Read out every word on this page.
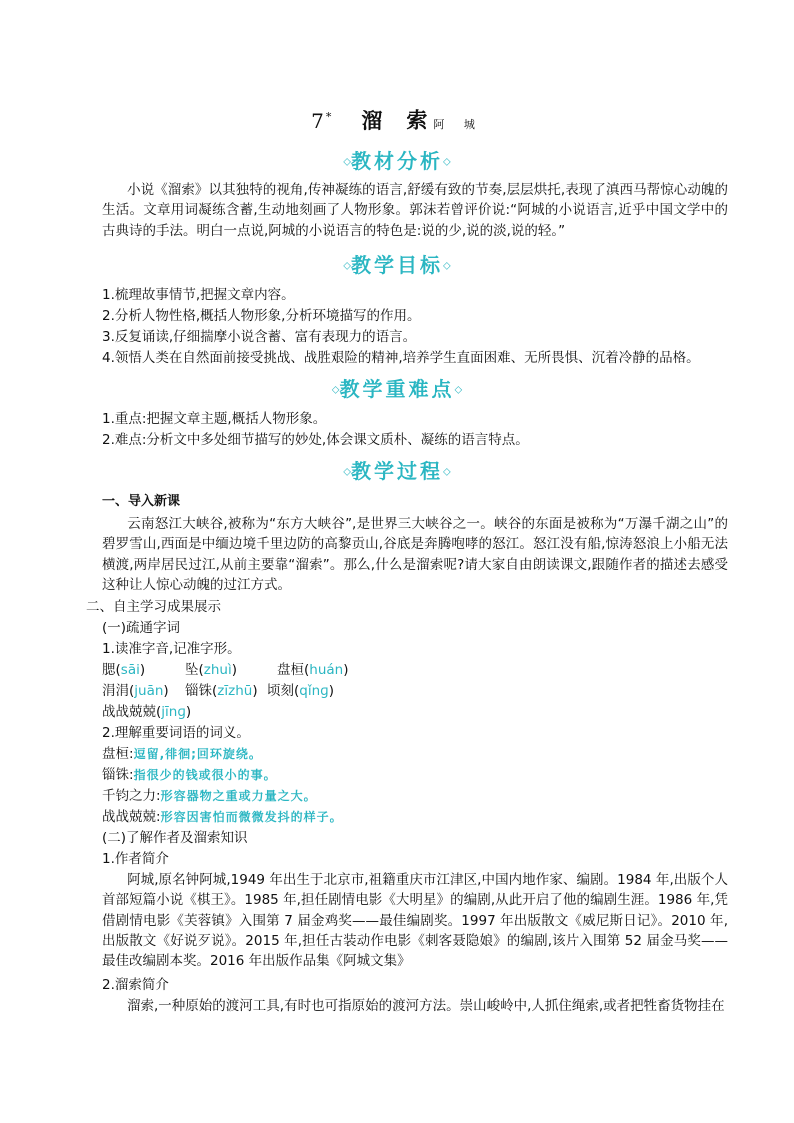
7* 溜 索 阿 城
◇教材分析◇
小说《溜索》以其独特的视角,传神凝练的语言,舒缓有致的节奏,层层烘托,表现了滇西马帮惊心动魄的生活。文章用词凝练含蓄,生动地刻画了人物形象。郭沫若曾评价说:“阿城的小说语言,近乎中国文学中的古典诗的手法。明白一点说,阿城的小说语言的特色是:说的少,说的淡,说的轻。”
◇教学目标◇
1.梳理故事情节,把握文章内容。
2.分析人物性格,概括人物形象,分析环境描写的作用。
3.反复诵读,仔细揣摩小说含蓄、富有表现力的语言。
4.领悟人类在自然面前接受挑战、战胜艰险的精神,培养学生直面困难、无所畏惧、沉着冷静的品格。
◇教学重难点◇
1.重点:把握文章主题,概括人物形象。
2.难点:分析文中多处细节描写的妙处,体会课文质朴、凝练的语言特点。
◇教学过程◇
一、导入新课
云南怒江大峡谷,被称为“东方大峡谷”,是世界三大峡谷之一。峡谷的东面是被称为“万瀑千湖之山”的碧罗雪山,西面是中缅边境千里边防的高黎贡山,谷底是奔腾咆哮的怒江。怒江没有船,惊涛怒浪上小船无法横渡,两岸居民过江,从前主要靠“溜索”。那么,什么是溜索呢?请大家自由朗读课文,跟随作者的描述去感受这种让人惊心动魄的过江方式。
二、自主学习成果展示
(一)疏通字词
1.读准字音,记准字形。
腮(sāi)	坠(zhuì)	盘桓(huán)
涓涓(juān) 锱铢(zīzhū) 顷刻(qǐnɡ)
战战兢兢(jīnɡ)
2.理解重要词语的词义。
盘桓:逗留,徘徊;回环旋绕。
锱铢:指很少的钱或很小的事。
千钧之力:形容器物之重或力量之大。
战战兢兢:形容因害怕而微微发抖的样子。
(二)了解作者及溜索知识
1.作者简介
阿城,原名钟阿城,1949 年出生于北京市,祖籍重庆市江津区,中国内地作家、编剧。1984 年,出版个人首部短篇小说《棋王》。1985 年,担任剧情电影《大明星》的编剧,从此开启了他的编剧生涯。1986 年,凭借剧情电影《芙蓉镇》入围第 7 届金鸡奖——最佳编剧奖。1997 年出版散文《威尼斯日记》。2010 年,出版散文《好说歹说》。2015 年,担任古装动作电影《刺客聂隐娘》的编剧,该片入围第 52 届金马奖——最佳改编剧本奖。2016 年出版作品集《阿城文集》
2.溜索简介
溜索,一种原始的渡河工具,有时也可指原始的渡河方法。崇山峻岭中,人抓住绳索,或者把牲畜货物挂在
